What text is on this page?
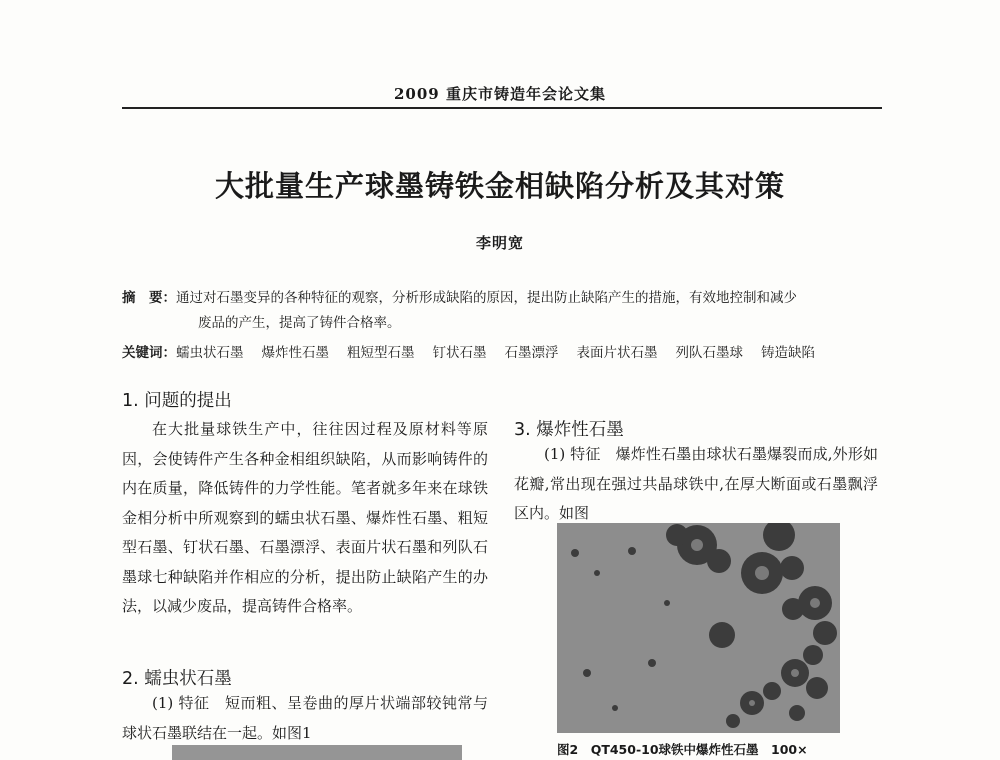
2009 重庆市铸造年会论文集
大批量生产球墨铸铁金相缺陷分析及其对策
李明宽
摘　要：通过对石墨变异的各种特征的观察，分析形成缺陷的原因，提出防止缺陷产生的措施，有效地控制和减少
废品的产生，提高了铸件合格率。
关键词：蠕虫状石墨 爆炸性石墨 粗短型石墨 钉状石墨 石墨漂浮 表面片状石墨 列队石墨球 铸造缺陷
1. 问题的提出
在大批量球铁生产中，往往因过程及原材料等原因，会使铸件产生各种金相组织缺陷，从而影响铸件的内在质量，降低铸件的力学性能。笔者就多年来在球铁金相分析中所观察到的蠕虫状石墨、爆炸性石墨、粗短型石墨、钉状石墨、石墨漂浮、表面片状石墨和列队石墨球七种缺陷并作相应的分析，提出防止缺陷产生的办法，以减少废品，提高铸件合格率。
2. 蠕虫状石墨
(1) 特征　短而粗、呈卷曲的厚片状端部较钝常与球状石墨联结在一起。如图1
3. 爆炸性石墨
(1) 特征　爆炸性石墨由球状石墨爆裂而成,外形如花瓣,常出现在强过共晶球铁中,在厚大断面或石墨飘浮区内。如图
图2　QT450-10球铁中爆炸性石墨　100×
